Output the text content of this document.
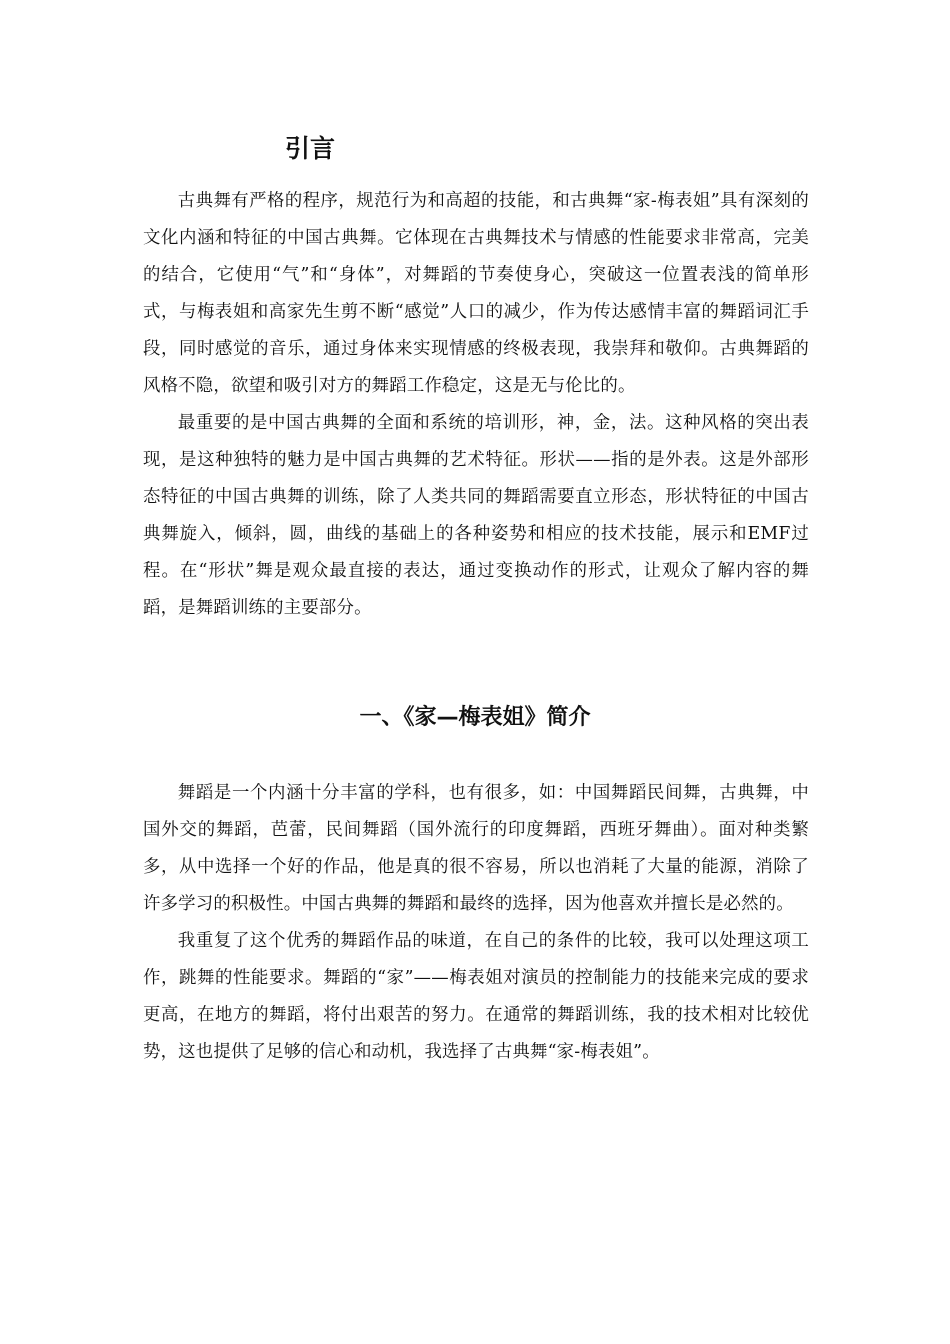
引言

古典舞有严格的程序，规范行为和高超的技能，和古典舞“家-梅表姐”具有深刻的文化内涵和特征的中国古典舞。它体现在古典舞技术与情感的性能要求非常高，完美的结合，它使用“气”和“身体”，对舞蹈的节奏使身心，突破这一位置表浅的简单形式，与梅表姐和高家先生剪不断“感觉”人口的减少，作为传达感情丰富的舞蹈词汇手段，同时感觉的音乐，通过身体来实现情感的终极表现，我崇拜和敬仰。古典舞蹈的风格不隐，欲望和吸引对方的舞蹈工作稳定，这是无与伦比的。

最重要的是中国古典舞的全面和系统的培训形，神，金，法。这种风格的突出表现，是这种独特的魅力是中国古典舞的艺术特征。形状——指的是外表。这是外部形态特征的中国古典舞的训练，除了人类共同的舞蹈需要直立形态，形状特征的中国古典舞旋入，倾斜，圆，曲线的基础上的各种姿势和相应的技术技能，展示和EMF过程。在“形状”舞是观众最直接的表达，通过变换动作的形式，让观众了解内容的舞蹈，是舞蹈训练的主要部分。

一、《家—梅表姐》简介

舞蹈是一个内涵十分丰富的学科，也有很多，如：中国舞蹈民间舞，古典舞，中国外交的舞蹈，芭蕾，民间舞蹈（国外流行的印度舞蹈，西班牙舞曲）。面对种类繁多，从中选择一个好的作品，他是真的很不容易，所以也消耗了大量的能源，消除了许多学习的积极性。中国古典舞的舞蹈和最终的选择，因为他喜欢并擅长是必然的。

我重复了这个优秀的舞蹈作品的味道，在自己的条件的比较，我可以处理这项工作，跳舞的性能要求。舞蹈的“家”——梅表姐对演员的控制能力的技能来完成的要求更高，在地方的舞蹈，将付出艰苦的努力。在通常的舞蹈训练，我的技术相对比较优势，这也提供了足够的信心和动机，我选择了古典舞“家-梅表姐”。
